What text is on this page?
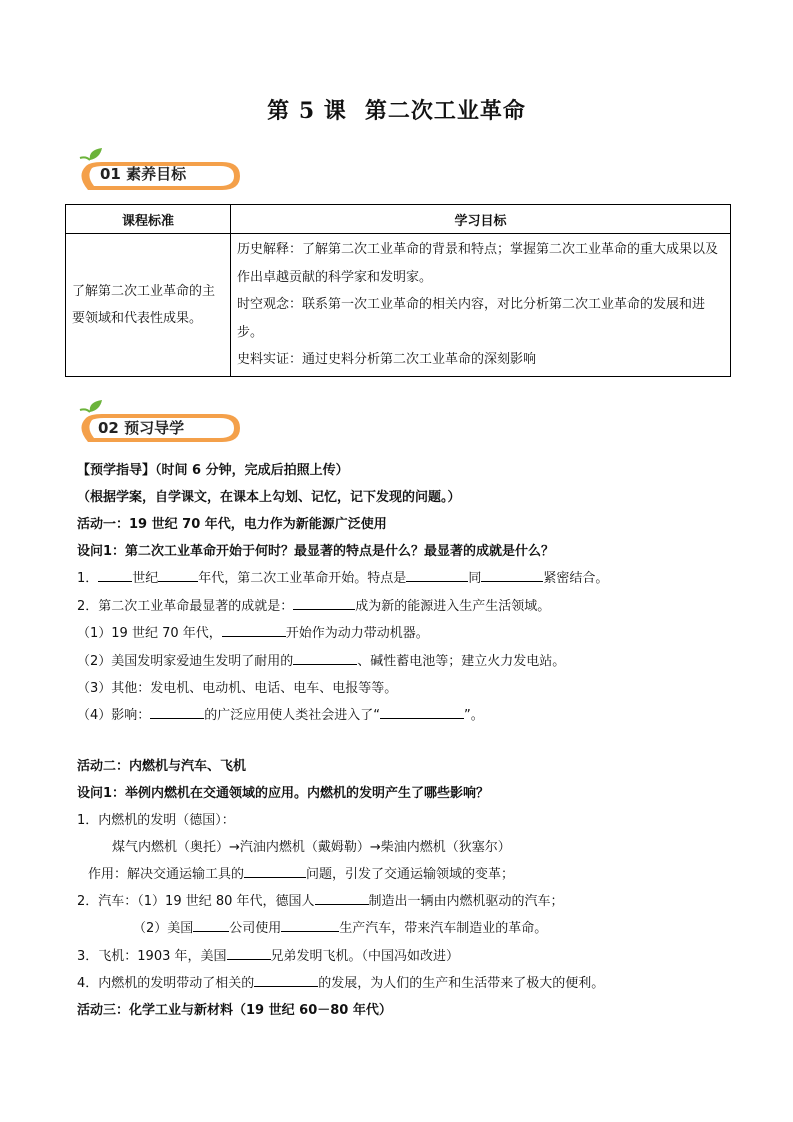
第 5 课 第二次工业革命
01 素养目标
课程标准	学习目标
了解第二次工业革命的主要领域和代表性成果。	历史解释：了解第二次工业革命的背景和特点；掌握第二次工业革命的重大成果以及作出卓越贡献的科学家和发明家。
时空观念：联系第一次工业革命的相关内容，对比分析第二次工业革命的发展和进步。
史料实证：通过史料分析第二次工业革命的深刻影响
02 预习导学
【预学指导】（时间 6 分钟，完成后拍照上传）
（根据学案，自学课文，在课本上勾划、记忆，记下发现的问题。）
活动一：19 世纪 70 年代，电力作为新能源广泛使用
设问1：第二次工业革命开始于何时？最显著的特点是什么？最显著的成就是什么？
1．	世纪	年代，第二次工业革命开始。特点是	同	紧密结合。
2．第二次工业革命最显著的成就是：	成为新的能源进入生产生活领域。
（1）19 世纪 70 年代，	开始作为动力带动机器。
（2）美国发明家爱迪生发明了耐用的	、碱性蓄电池等；建立火力发电站。
（3）其他：发电机、电动机、电话、电车、电报等等。
（4）影响：	的广泛应用使人类社会进入了“	”。
活动二：内燃机与汽车、飞机
设问1：举例内燃机在交通领域的应用。内燃机的发明产生了哪些影响？
1．内燃机的发明（德国）：
煤气内燃机（奥托）→汽油内燃机（戴姆勒）→柴油内燃机（狄塞尔）
作用：解决交通运输工具的	问题，引发了交通运输领域的变革；
2．汽车：（1）19 世纪 80 年代，德国人	制造出一辆由内燃机驱动的汽车；
（2）美国	公司使用	生产汽车，带来汽车制造业的革命。
3．飞机：1903 年，美国	兄弟发明飞机。（中国冯如改进）
4．内燃机的发明带动了相关的	的发展，为人们的生产和生活带来了极大的便利。
活动三：化学工业与新材料（19 世纪 60－80 年代）
